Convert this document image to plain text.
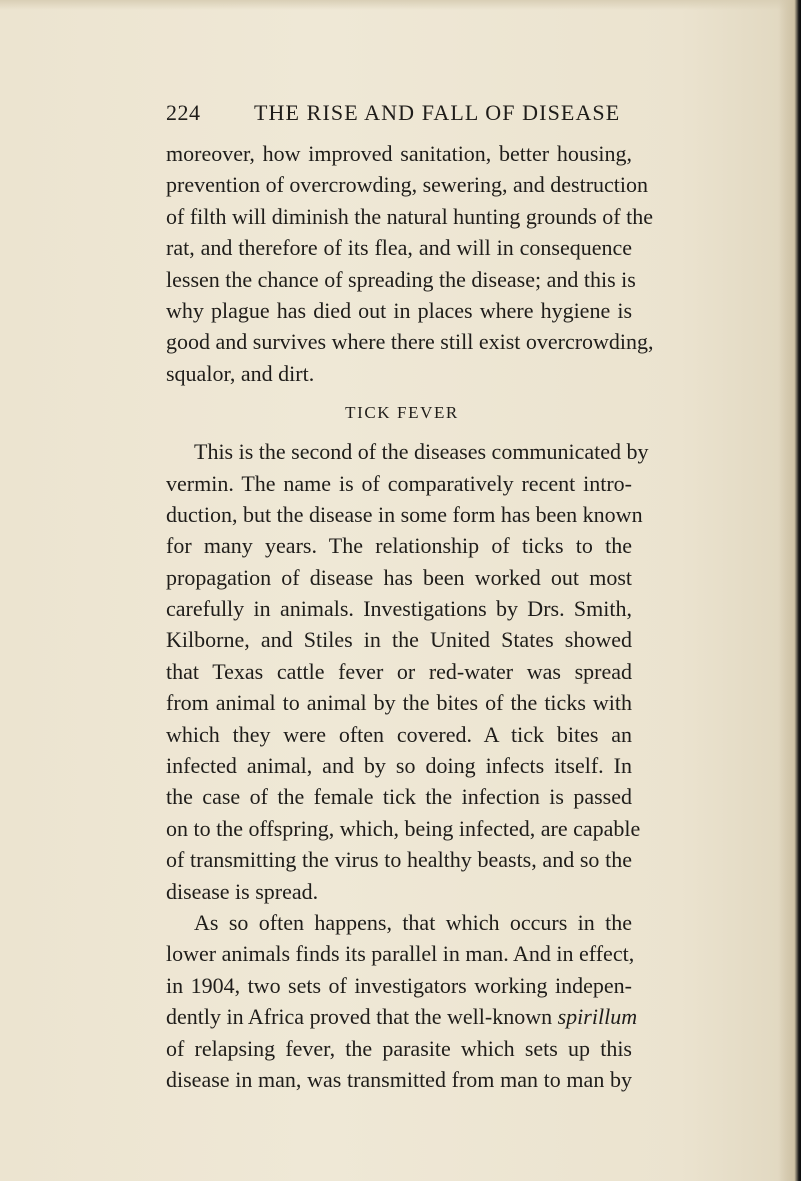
224 THE RISE AND FALL OF DISEASE
moreover, how improved sanitation, better housing,
prevention of overcrowding, sewering, and destruction
of filth will diminish the natural hunting grounds of the
rat, and therefore of its flea, and will in consequence
lessen the chance of spreading the disease; and this is
why plague has died out in places where hygiene is
good and survives where there still exist overcrowding,
squalor, and dirt.
TICK FEVER
This is the second of the diseases communicated by
vermin. The name is of comparatively recent intro-
duction, but the disease in some form has been known
for many years. The relationship of ticks to the
propagation of disease has been worked out most
carefully in animals. Investigations by Drs. Smith,
Kilborne, and Stiles in the United States showed
that Texas cattle fever or red-water was spread
from animal to animal by the bites of the ticks with
which they were often covered. A tick bites an
infected animal, and by so doing infects itself. In
the case of the female tick the infection is passed
on to the offspring, which, being infected, are capable
of transmitting the virus to healthy beasts, and so the
disease is spread.
As so often happens, that which occurs in the
lower animals finds its parallel in man. And in effect,
in 1904, two sets of investigators working indepen-
dently in Africa proved that the well-known spirillum
of relapsing fever, the parasite which sets up this
disease in man, was transmitted from man to man by
